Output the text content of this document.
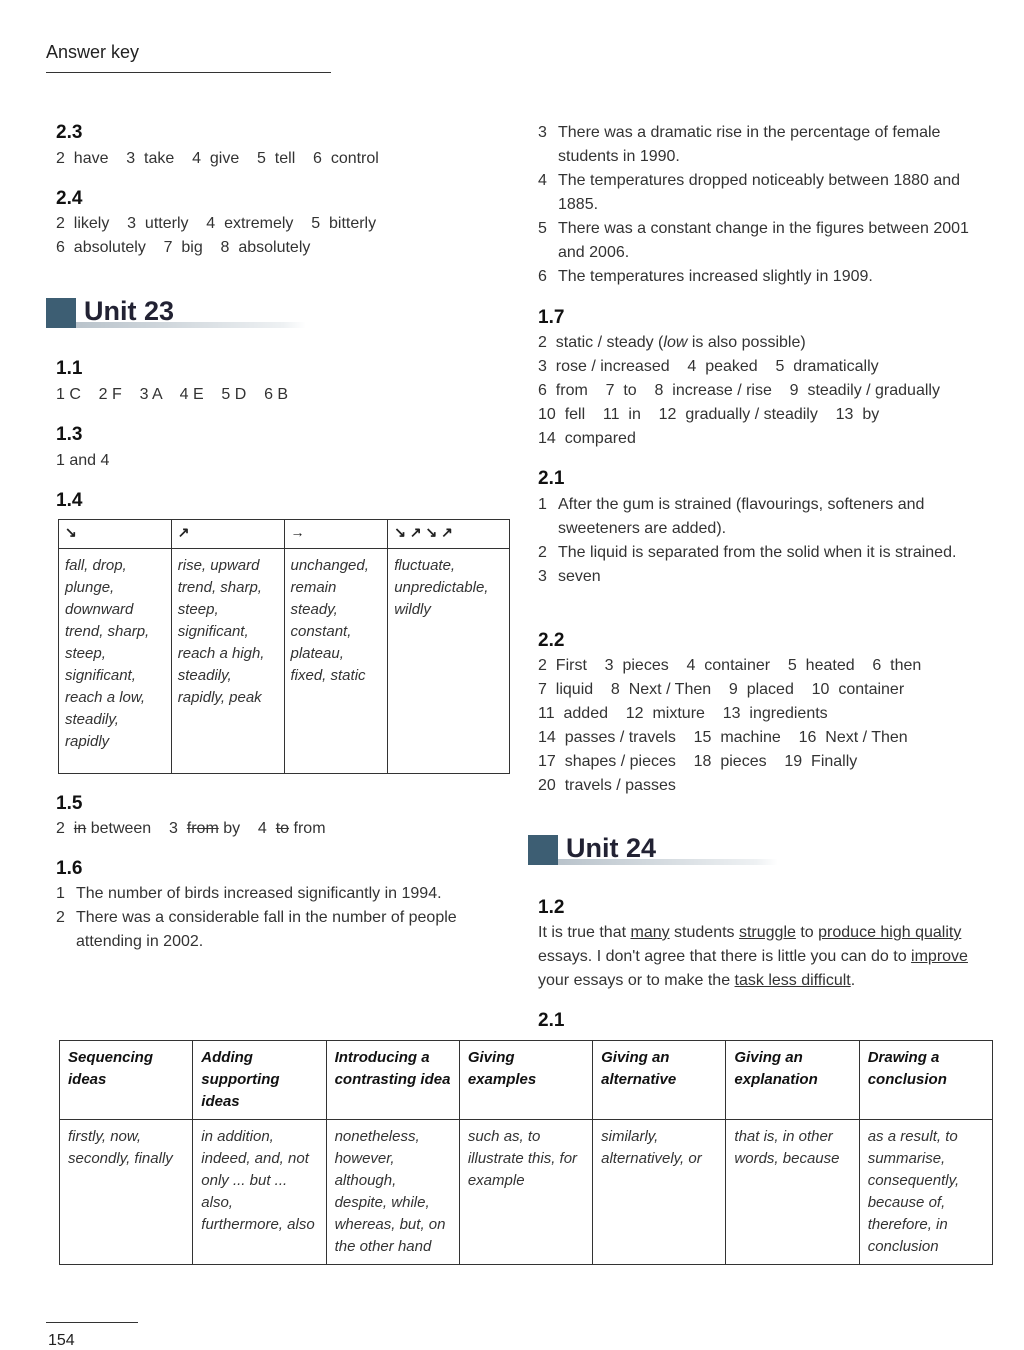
Answer key
2.3
2  have    3  take    4  give    5  tell    6  control
2.4
2  likely    3  utterly    4  extremely    5  bitterly
6  absolutely    7  big    8  absolutely
Unit 23
1.1
1 C    2 F    3 A    4 E    5 D    6 B
1.3
1 and 4
1.4
↘	↗	→	↘ ↗ ↘ ↗
fall, drop, plunge, downward trend, sharp, steep, significant, reach a low, steadily, rapidly	rise, upward trend, sharp, steep, significant, reach a high, steadily, rapidly, peak	unchanged, remain steady, constant, plateau, fixed, static	fluctuate, unpredictable, wildly
1.5
2 in between 3 from by 4 to from
1.6
1 The number of birds increased significantly in 1994.
2 There was a considerable fall in the number of people attending in 2002.
3 There was a dramatic rise in the percentage of female students in 1990.
4 The temperatures dropped noticeably between 1880 and 1885.
5 There was a constant change in the figures between 2001 and 2006.
6 The temperatures increased slightly in 1909.
1.7
2  static / steady (low is also possible)
3  rose / increased    4  peaked    5  dramatically
6  from    7  to    8  increase / rise    9  steadily / gradually
10  fell    11  in    12  gradually / steadily    13  by
14  compared
2.1
1 After the gum is strained (flavourings, softeners and sweeteners are added).
2 The liquid is separated from the solid when it is strained.
3 seven
2.2
2  First    3  pieces    4  container    5  heated    6  then
7  liquid    8  Next / Then    9  placed    10  container
11  added    12  mixture    13  ingredients
14  passes / travels    15  machine    16  Next / Then
17  shapes / pieces    18  pieces    19  Finally
20  travels / passes
Unit 24
1.2
It is true that many students struggle to produce high quality essays. I don't agree that there is little you can do to improve your essays or to make the task less difficult.
2.1
Sequencing ideas	Adding supporting ideas	Introducing a contrasting idea	Giving examples	Giving an alternative	Giving an explanation	Drawing a conclusion
firstly, now, secondly, finally	in addition, indeed, and, not only ... but ... also, furthermore, also	nonetheless, however, although, despite, while, whereas, but, on the other hand	such as, to illustrate this, for example	similarly, alternatively, or	that is, in other words, because	as a result, to summarise, consequently, because of, therefore, in conclusion
154
